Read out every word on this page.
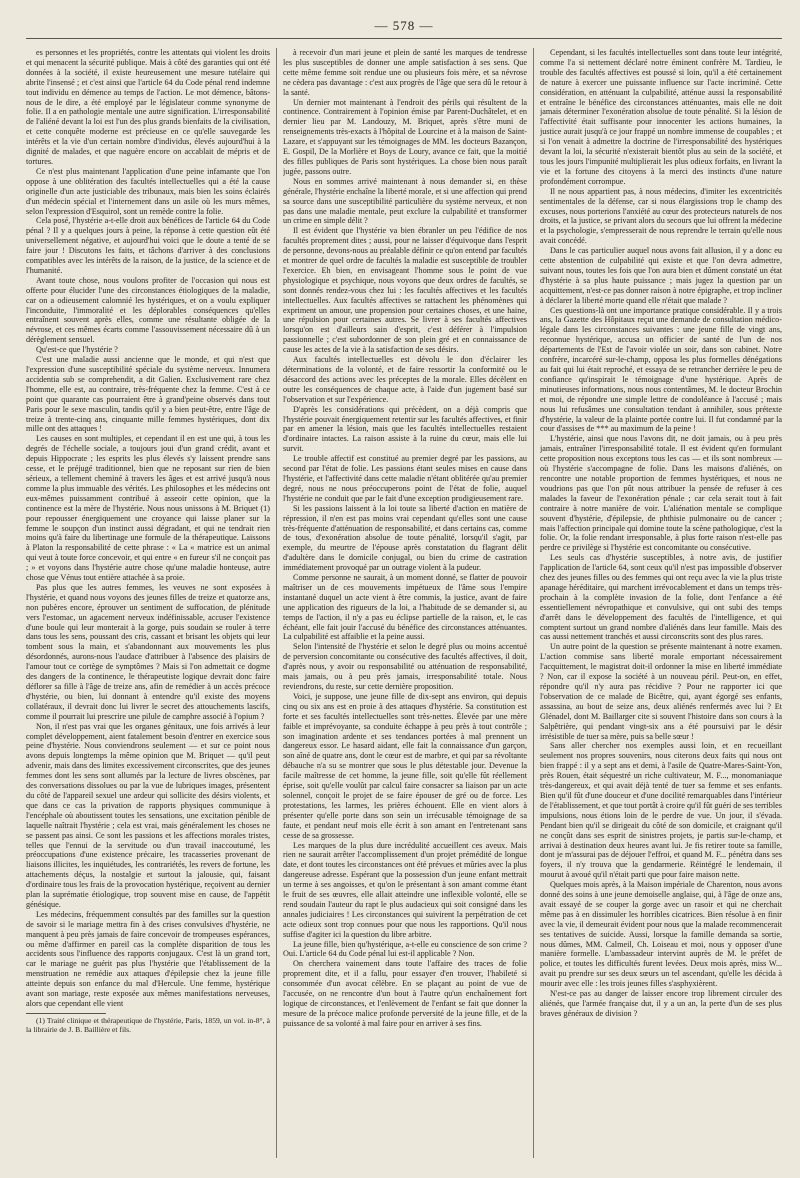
— 578 —

es personnes et les propriétés, contre les attentats qui violent les droits et qui menacent la sécurité publique. Mais à côté des garanties qui ont été données à la société, il existe heureusement une mesure tutélaire qui abrite l'insensé ; et c'est ainsi que l'article 64 du Code pénal rend indemne tout individu en démence au temps de l'action. Le mot démence, bâtons-nous de le dire, a été employé par le législateur comme synonyme de folie. Il a en pathologie mentale une autre signification. L'irresponsabilité de l'aliéné devant la loi est l'un des plus grands bienfaits de la civilisation, et cette conquête moderne est précieuse en ce qu'elle sauvegarde les intérêts et la vie d'un certain nombre d'individus, élevés aujourd'hui à la dignité de malades, et que naguère encore on accablait de mépris et de tortures.

Ce n'est plus maintenant l'application d'une peine infamante que l'on oppose à une oblitération des facultés intellectuelles qui a été la cause originelle d'un acte justiciable des tribunaux, mais bien les soins éclairés d'un médecin spécial et l'internement dans un asile où les murs mêmes, selon l'expression d'Esquirol, sont un remède contre la folie.

Cela posé, l'hystérie a-t-elle droit aux bénéfices de l'article 64 du Code pénal ? Il y a quelques jours à peine, la réponse à cette question eût été universellement négative, et aujourd'hui voici que le doute a tenté de se faire jour ! Discutons les faits, et tâchons d'arriver à des conclusions compatibles avec les intérêts de la raison, de la justice, de la science et de l'humanité.

Avant toute chose, nous voulons profiter de l'occasion qui nous est offerte pour élucider l'une des circonstances étiologiques de la maladie, car on a odieusement calomnié les hystériques, et on a voulu expliquer l'inconduite, l'immoralité et les déplorables conséquences qu'elles entraînent souvent après elles, comme une résultante obligée de la névrose, et ces mêmes écarts comme l'assouvissement nécessaire dû à un dérèglement sensuel.

Qu'est-ce que l'hystérie ?

C'est une maladie aussi ancienne que le monde, et qui n'est que l'expression d'une susceptibilité spéciale du système nerveux. Innumera accidentia sub se comprehendit, a dit Galien. Exclusivement rare chez l'homme, elle est, au contraire, très-fréquente chez la femme. C'est à ce point que quarante cas pourraient être à grand'peine observés dans tout Paris pour le sexe masculin, tandis qu'il y a bien peut-être, entre l'âge de treize à trente-cinq ans, cinquante mille femmes hystériques, dont dix mille ont des attaques !

Les causes en sont multiples, et cependant il en est une qui, à tous les degrés de l'échelle sociale, a toujours joui d'un grand crédit, avant et depuis Hippocrate ; les esprits les plus élevés s'y laissent prendre sans cesse, et le préjugé traditionnel, bien que ne reposant sur rien de bien sérieux, a tellement cheminé à travers les âges et est arrivé jusqu'à nous comme la plus immuable des vérités. Les philosophes et les médecins ont eux-mêmes puissamment contribué à asseoir cette opinion, que la continence est la mère de l'hystérie. Nous nous unissons à M. Briquet (1) pour repousser énergiquement une croyance qui laisse planer sur la femme le soupçon d'un instinct aussi dégradant, et qui ne tendrait rien moins qu'à faire du libertinage une formule de la thérapeutique. Laissons à Platon la responsabilité de cette phrase : « La « matrice est un animal qui veut à toute force concevoir, et qui entre « en fureur s'il ne conçoit pas ; » et voyons dans l'hystérie autre chose qu'une maladie honteuse, autre chose que Vénus tout entière attachée à sa proie.

Pas plus que les autres femmes, les veuves ne sont exposées à l'hystérie, et quand nous voyons des jeunes filles de treize et quatorze ans, non pubères encore, éprouver un sentiment de suffocation, de plénitude vers l'estomac, un agacement nerveux indéfinissable, accuser l'existence d'une boule qui leur monterait à la gorge, puis soudain se rouler à terre dans tous les sens, poussant des cris, cassant et brisant les objets qui leur tombent sous la main, et s'abandonnant aux mouvements les plus désordonnés, aurons-nous l'audace d'attribuer à l'absence des plaisirs de l'amour tout ce cortège de symptômes ? Mais si l'on admettait ce dogme des dangers de la continence, le thérapeutiste logique devrait donc faire déflorer sa fille à l'âge de treize ans, afin de remédier à un accès précoce d'hystérie, ou bien, lui donnant à entendre qu'il existe des moyens collatéraux, il devrait donc lui livrer le secret des attouchements lascifs, comme il pourrait lui prescrire une pilule de camphre associé à l'opium ?

Non, il n'est pas vrai que les organes génitaux, une fois arrivés à leur complet développement, aient fatalement besoin d'entrer en exercice sous peine d'hystérie. Nous conviendrons seulement — et sur ce point nous avons depuis longtemps la même opinion que M. Briquet — qu'il peut advenir, mais dans des limites excessivement circonscrites, que des jeunes femmes dont les sens sont allumés par la lecture de livres obscènes, par des conversations dissolues ou par la vue de lubriques images, présentent du côté de l'appareil sexuel une ardeur qui sollicite des désirs violents, et que dans ce cas la privation de rapports physiques communique à l'encéphale où aboutissent toutes les sensations, une excitation pénible de laquelle naîtrait l'hystérie ; cela est vrai, mais généralement les choses ne se passent pas ainsi. Ce sont les passions et les affections morales tristes, telles que l'ennui de la servitude ou d'un travail inaccoutumé, les préoccupations d'une existence précaire, les tracasseries provenant de liaisons illicites, les inquiétudes, les contrariétés, les revers de fortune, les attachements déçus, la nostalgie et surtout la jalousie, qui, faisant d'ordinaire tous les frais de la provocation hystérique, reçoivent au dernier plan la suprématie étiologique, trop souvent mise en cause, de l'appétit génésique.

Les médecins, fréquemment consultés par des familles sur la question de savoir si le mariage mettra fin à des crises convulsives d'hystérie, ne manquent à peu près jamais de faire concevoir de trompeuses espérances, ou même d'affirmer en pareil cas la complète disparition de tous les accidents sous l'influence des rapports conjugaux. C'est là un grand tort, car le mariage ne guérit pas plus l'hystérie que l'établissement de la menstruation ne remédie aux attaques d'épilepsie chez la jeune fille atteinte depuis son enfance du mal d'Hercule. Une femme, hystérique avant son mariage, reste exposée aux mêmes manifestations nerveuses, alors que cependant elle vient

(1) Traité clinique et thérapeutique de l'hystérie, Paris, 1859, un vol. in-8°, à la librairie de J. B. Baillière et fils.

à recevoir d'un mari jeune et plein de santé les marques de tendresse les plus susceptibles de donner une ample satisfaction à ses sens. Que cette même femme soit rendue une ou plusieurs fois mère, et sa névrose ne cèdera pas davantage : c'est aux progrès de l'âge que sera dû le retour à la santé.

Un dernier mot maintenant à l'endroit des périls qui résultent de la continence. Contrairement à l'opinion émise par Parent-Duchâtelet, et en dernier lieu par M. Landouzy, M. Briquet, après s'être muni de renseignements très-exacts à l'hôpital de Lourcine et à la maison de Saint-Lazare, et s'appuyant sur les témoignages de MM. les docteurs Bazançon, E. Gospil, De la Morlière et Boys de Loury, avance ce fait, que la moitié des filles publiques de Paris sont hystériques. La chose bien nous paraît jugée, passons outre.

Nous en sommes arrivé maintenant à nous demander si, en thèse générale, l'hystérie enchaîne la liberté morale, et si une affection qui prend sa source dans une susceptibilité particulière du système nerveux, et non pas dans une maladie mentale, peut exclure la culpabilité et transformer un crime en simple délit ?

Il est évident que l'hystérie va bien ébranler un peu l'édifice de nos facultés proprement dites ; aussi, pour ne laisser d'équivoque dans l'esprit de personne, devons-nous au préalable définir ce qu'on entend par facultés et montrer de quel ordre de facultés la maladie est susceptible de troubler l'exercice. Eh bien, en envisageant l'homme sous le point de vue physiologique et psychique, nous voyons que deux ordres de facultés, se sont donnés rendez-vous chez lui : les facultés affectives et les facultés intellectuelles. Aux facultés affectives se rattachent les phénomènes qui expriment un amour, une propension pour certaines choses, et une haine, une répulsion pour certaines autres. Se livrer à ses facultés affectives lorsqu'on est d'ailleurs sain d'esprit, c'est déférer à l'impulsion passionnelle ; c'est subordonner de son plein gré et en connaissance de cause les actes de la vie à la satisfaction de ses désirs.

Aux facultés intellectuelles est dévolu le don d'éclairer les déterminations de la volonté, et de faire ressortir la conformité ou le désaccord des actions avec les préceptes de la morale. Elles décèlent en outre les conséquences de chaque acte, à l'aide d'un jugement basé sur l'observation et sur l'expérience.

D'après les considérations qui précèdent, on a déjà compris que l'hystérie pouvait énergiquement retentir sur les facultés affectives, et finir par en amener la lésion, mais que les facultés intellectuelles restaient d'ordinaire intactes. La raison assiste à la ruine du cœur, mais elle lui survit.

Le trouble affectif est constitué au premier degré par les passions, au second par l'état de folie. Les passions étant seules mises en cause dans l'hystérie, et l'affectivité dans cette maladie n'étant oblitérée qu'au premier degré, nous ne nous préoccuperons point de l'état de folie, auquel l'hystérie ne conduit que par le fait d'une exception prodigieusement rare.

Si les passions laissent à la loi toute sa liberté d'action en matière de répression, il n'en est pas moins vrai cependant qu'elles sont une cause très-fréquente d'atténuation de responsabilité, et dans certains cas, comme de tous, d'exonération absolue de toute pénalité, lorsqu'il s'agit, par exemple, du meurtre de l'épouse après constatation du flagrant délit d'adultère dans le domicile conjugal, ou bien du crime de castration immédiatement provoqué par un outrage violent à la pudeur.

Comme personne ne saurait, à un moment donné, se flatter de pouvoir maîtriser un de ces mouvements impétueux de l'âme sous l'empire instantané duquel un acte vient à être commis, la justice, avant de faire une application des rigueurs de la loi, a l'habitude de se demander si, au temps de l'action, il n'y a pas eu éclipse partielle de la raison, et, le cas échéant, elle fait jouir l'accusé du bénéfice des circonstances atténuantes. La culpabilité est affaiblie et la peine aussi.

Selon l'intensité de l'hystérie et selon le degré plus ou moins accentué de perversion concomitante ou consécutive des facultés affectives, il doit, d'après nous, y avoir ou responsabilité ou atténuation de responsabilité, mais jamais, ou à peu près jamais, irresponsabilité totale. Nous reviendrons, du reste, sur cette dernière proposition.

Voici, je suppose, une jeune fille de dix-sept ans environ, qui depuis cinq ou six ans est en proie à des attaques d'hystérie. Sa constitution est forte et ses facultés intellectuelles sont très-nettes. Élevée par une mère faible et imprévoyante, sa conduite échappe à peu près à tout contrôle ; son imagination ardente et ses tendances portées à mal prennent un dangereux essor. Le hasard aidant, elle fait la connaissance d'un garçon, son aîné de quatre ans, dont le cœur est de marbre, et qui par sa révoltante débauche n'a su se montrer que sous le plus détestable jour. Devenue la facile maîtresse de cet homme, la jeune fille, soit qu'elle fût réellement éprise, soit qu'elle voulût par calcul faire consacrer sa liaison par un acte solennel, conçoit le projet de se faire épouser de gré ou de force. Les protestations, les larmes, les prières échouent. Elle en vient alors à présenter qu'elle porte dans son sein un irrécusable témoignage de sa faute, et pendant neuf mois elle écrit à son amant en l'entretenant sans cesse de sa grossesse.

Les marques de la plus dure incrédulité accueillent ces aveux. Mais rien ne saurait arrêter l'accomplissement d'un projet prémédité de longue date, et dont toutes les circonstances ont été prévues et mûries avec la plus dangereuse adresse. Espérant que la possession d'un jeune enfant mettrait un terme à ses angoisses, et qu'on le présentant à son amant comme étant le fruit de ses œuvres, elle allait atteindre une inflexible volonté, elle se rend soudain l'auteur du rapt le plus audacieux qui soit consigné dans les annales judiciaires ! Les circonstances qui suivirent la perpétration de cet acte odieux sont trop connues pour que nous les rapportions. Qu'il nous suffise d'agiter ici la question du libre arbitre.

La jeune fille, bien qu'hystérique, a-t-elle eu conscience de son crime ? Oui. L'article 64 du Code pénal lui est-il applicable ? Non.

On cherchera vainement dans toute l'affaire des traces de folie proprement dite, et il a fallu, pour essayer d'en trouver, l'habileté si consommée d'un avocat célèbre. En se plaçant au point de vue de l'accusée, on ne rencontre d'un bout à l'autre qu'un enchaînement fort logique de circonstances, et l'enlèvement de l'enfant se fait que donner la mesure de la précoce malice profonde perversité de la jeune fille, et de la puissance de sa volonté à mal faire pour en arriver à ses fins.

Cependant, si les facultés intellectuelles sont dans toute leur intégrité, comme l'a si nettement déclaré notre éminent confrère M. Tardieu, le trouble des facultés affectives est poussé si loin, qu'il a été certainement de nature à exercer une puissante influence sur l'acte incriminé. Cette considération, en atténuant la culpabilité, atténue aussi la responsabilité et entraîne le bénéfice des circonstances atténuantes, mais elle ne doit jamais déterminer l'exonération absolue de toute pénalité. Si la lésion de l'affectivité était suffisante pour innocenter les actions humaines, la justice aurait jusqu'à ce jour frappé un nombre immense de coupables ; et si l'on venait à admettre la doctrine de l'irresponsabilité des hystériques devant la loi, la sécurité n'existerait bientôt plus au sein de la société, et tous les jours l'impunité multiplierait les plus odieux forfaits, en livrant la vie et la fortune des citoyens à la merci des instincts d'une nature profondément corrompue.

Il ne nous appartient pas, à nous médecins, d'imiter les excentricités sentimentales de la défense, car si nous élargissions trop le champ des excuses, nous porterions l'anxiété au cœur des protecteurs naturels de nos droits, et la justice, se privant alors du secours que lui offrent la médecine et la psychologie, s'empresserait de nous reprendre le terrain qu'elle nous avait concédé.

Dans le cas particulier auquel nous avons fait allusion, il y a donc eu cette abstention de culpabilité qui existe et que l'on devra admettre, suivant nous, toutes les fois que l'on aura bien et dûment constaté un état d'hystérie à sa plus haute puissance ; mais jugez la question par un acquittement, n'est-ce pas donner raison à notre épigraphe, et trop incliner à déclarer la liberté morte quand elle n'était que malade ?

Ces questions-là ont une importance pratique considérable. Il y a trois ans, la Gazette des Hôpitaux reçut une demande de consultation médico-légale dans les circonstances suivantes : une jeune fille de vingt ans, reconnue hystérique, accusa un officier de santé de l'un de nos départements de l'Est de l'avoir violée un soir, dans son cabinet. Notre confrère, incarcéré sur-le-champ, opposa les plus formelles dénégations au fait qui lui était reproché, et essaya de se retrancher derrière le peu de confiance qu'inspirait le témoignage d'une hystérique. Après de minutieuses informations, nous nous contentâmes, M. le docteur Brochin et moi, de répondre une simple lettre de condoléance à l'accusé ; mais nous lui refusâmes une consultation tendant à annihiler, sous prétexte d'hystérie, la valeur de la plainte portée contre lui. Il fut condamné par la cour d'assises de *** au maximum de la peine !

L'hystérie, ainsi que nous l'avons dit, ne doit jamais, ou à peu près jamais, entraîner l'irresponsabilité totale. Il est évident qu'en formulant cette proposition nous exceptons tous les cas — et ils sont nombreux — où l'hystérie s'accompagne de folie. Dans les maisons d'aliénés, on rencontre une notable proportion de femmes hystériques, et nous ne voudrions pas que l'on pût nous attribuer la pensée de refuser à ces malades la faveur de l'exonération pénale ; car cela serait tout à fait contraire à notre manière de voir. L'aliénation mentale se complique souvent d'hystérie, d'épilepsie, de phthisie pulmonaire ou de cancer ; mais l'affection principale qui domine toute la scène pathologique, c'est la folie. Or, la folie rendant irresponsable, à plus forte raison n'est-elle pas perdre ce privilège si l'hystérie est concomitante ou consécutive.

Les seuls cas d'hystérie susceptibles, à notre avis, de justifier l'application de l'article 64, sont ceux qu'il n'est pas impossible d'observer chez des jeunes filles ou des femmes qui ont reçu avec la vie la plus triste apanage héréditaire, qui marchent irrévocablement et dans un temps très-prochain à la complète invasion de la folie, dont l'enfance a été essentiellement névropathique et convulsive, qui ont subi des temps d'arrêt dans le développement des facultés de l'intelligence, et qui comptent surtout un grand nombre d'aliénés dans leur famille. Mais des cas aussi nettement tranchés et aussi circonscrits sont des plus rares.

Un autre point de la question se présente maintenant à notre examen. L'action commise sans liberté morale emportant nécessairement l'acquittement, le magistrat doit-il ordonner la mise en liberté immédiate ? Non, car il expose la société à un nouveau péril. Peut-on, en effet, répondre qu'il n'y aura pas récidive ? Pour ne rapporter ici que l'observation de ce malade de Bicêtre, qui, ayant égorgé ses enfants, assassina, au bout de seize ans, deux aliénés renfermés avec lui ? Et Glénadel, dont M. Baillarger cite si souvent l'histoire dans son cours à la Salpêtrière, qui pendant vingt-six ans a été poursuivi par le désir irrésistible de tuer sa mère, puis sa belle sœur !

Sans aller chercher nos exemples aussi loin, et en recueillant seulement nos propres souvenirs, nous citerons deux faits qui nous ont bien frappé : il y a sept ans et demi, à l'asile de Quatre-Mares-Saint-Yon, près Rouen, était séquestré un riche cultivateur, M. F..., monomaniaque très-dangereux, et qui avait déjà tenté de tuer sa femme et ses enfants. Bien qu'il fût d'une douceur et d'une docilité remarquables dans l'intérieur de l'établissement, et que tout portât à croire qu'il fût guéri de ses terribles impulsions, nous étions loin de le perdre de vue. Un jour, il s'évada. Pendant bien qu'il se dirigeait du côté de son domicile, et craignant qu'il ne conçût dans ses esprit de sinistres projets, je partis sur-le-champ, et arrivai à destination deux heures avant lui. Je fis retirer toute sa famille, dont je m'assurai pas de déjouer l'effroi, et quand M. F... pénétra dans ses foyers, il n'y trouva que la gendarmerie. Réintégré le lendemain, il mourut à avoué qu'il n'était parti que pour faire maison nette.

Quelques mois après, à la Maison impériale de Charenton, nous avons donné des soins à une jeune demoiselle anglaise, qui, à l'âge de onze ans, avait essayé de se couper la gorge avec un rasoir et qui ne cherchait même pas à en dissimuler les horribles cicatrices. Bien résolue à en finir avec la vie, il demeurait évident pour nous que la malade recommencerait ses tentatives de suicide. Aussi, lorsque la famille demanda sa sortie, nous dûmes, MM. Calmeil, Ch. Loiseau et moi, nous y opposer d'une manière formelle. L'ambassadeur intervint auprès de M. le préfet de police, et toutes les difficultés furent levées. Deux mois après, miss W... avait pu prendre sur ses deux sœurs un tel ascendant, qu'elle les décida à mourir avec elle : les trois jeunes filles s'asphyxièrent.

N'est-ce pas au danger de laisser encore trop librement circuler des aliénés, que l'armée française dut, il y a un an, la perte d'un de ses plus braves généraux de division ?
